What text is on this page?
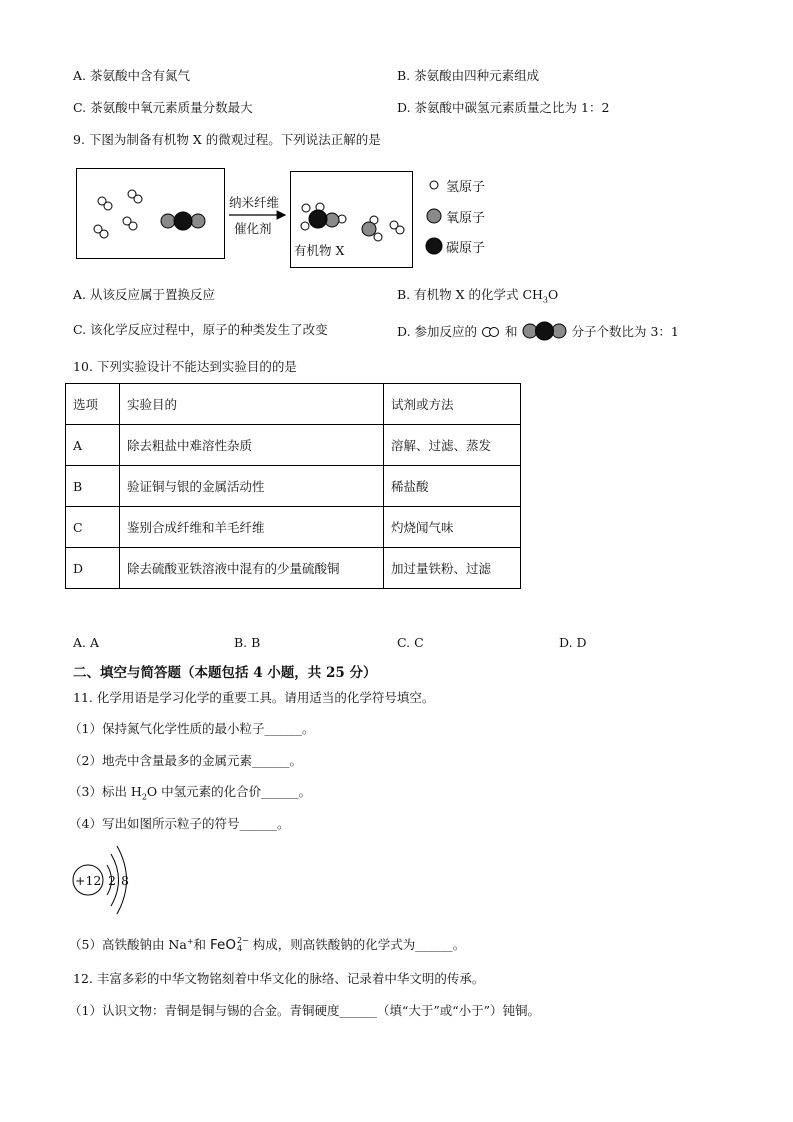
A. 茶氨酸中含有氮气	B. 茶氨酸由四种元素组成
C. 茶氨酸中氧元素质量分数最大	D. 茶氨酸中碳氢元素质量之比为 1：2
9. 下图为制备有机物 X 的微观过程。下列说法正解的是
纳米纤维
催化剂
有机物 X
氢原子
氧原子
碳原子
A. 从该反应属于置换反应	B. 有机物 X 的化学式 $CH_3O$
C. 该化学反应过程中，原子的种类发生了改变	D. 参加反应的 和	分子个数比为 3：1
10. 下列实验设计不能达到实验目的的是
选项	实验目的	试剂或方法
A	除去粗盐中难溶性杂质	溶解、过滤、蒸发
B	验证铜与银的金属活动性	稀盐酸
C	鉴别合成纤维和羊毛纤维	灼烧闻气味
D	除去硫酸亚铁溶液中混有的少量硫酸铜	加过量铁粉、过滤
A. A	B. B	C. C	D. D
二、填空与简答题（本题包括 4 小题，共 25 分）
11. 化学用语是学习化学的重要工具。请用适当的化学符号填空。
（1）保持氮气化学性质的最小粒子______。
（2）地壳中含量最多的金属元素______。
（3）标出 $H_2O$ 中氢元素的化合价______。
（4）写出如图所示粒子的符号______。
+12 2 8
（5）高铁酸钠由 Na+和 FeO 2−
4 构成，则高铁酸钠的化学式为______。
12. 丰富多彩的中华文物铭刻着中华文化的脉络、记录着中华文明的传承。
（1）认识文物：青铜是铜与锡的合金。青铜硬度______（填“大于”或“小于”）钝铜。
